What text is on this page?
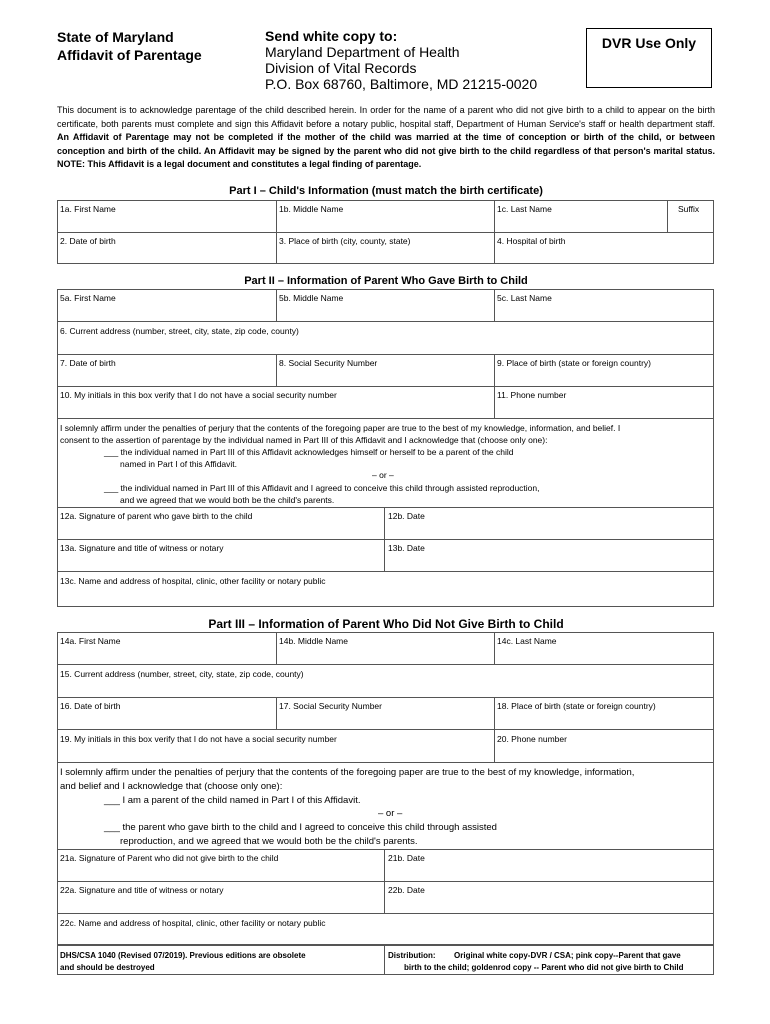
State of Maryland
Affidavit of Parentage
Send white copy to:
Maryland Department of Health
Division of Vital Records
P.O. Box 68760, Baltimore, MD 21215-0020
DVR Use Only
This document is to acknowledge parentage of the child described herein. In order for the name of a parent who did not give birth to a child to appear on the birth certificate, both parents must complete and sign this Affidavit before a notary public, hospital staff, Department of Human Service's staff or health department staff. An Affidavit of Parentage may not be completed if the mother of the child was married at the time of conception or birth of the child, or between conception and birth of the child. An Affidavit may be signed by the parent who did not give birth to the child regardless of that person's marital status. NOTE: This Affidavit is a legal document and constitutes a legal finding of parentage.
Part I – Child's Information (must match the birth certificate)
1a. First Name	1b. Middle Name	1c. Last Name	Suffix
2. Date of birth	3. Place of birth (city, county, state)	4. Hospital of birth
Part II – Information of Parent Who Gave Birth to Child
5a. First Name	5b. Middle Name	5c. Last Name
6. Current address (number, street, city, state, zip code, county)
7. Date of birth	8. Social Security Number	9. Place of birth (state or foreign country)
10. My initials in this box verify that I do not have a social security number	11. Phone number
I solemnly affirm under the penalties of perjury that the contents of the foregoing paper are true to the best of my knowledge, information, and belief. I
consent to the assertion of parentage by the individual named in Part III of this Affidavit and I acknowledge that (choose only one):
___ the individual named in Part III of this Affidavit acknowledges himself or herself to be a parent of the child
named in Part I of this Affidavit.
– or –
___ the individual named in Part III of this Affidavit and I agreed to conceive this child through assisted reproduction,
and we agreed that we would both be the child's parents.
12a. Signature of parent who gave birth to the child	12b. Date
13a. Signature and title of witness or notary	13b. Date
13c. Name and address of hospital, clinic, other facility or notary public
Part III – Information of Parent Who Did Not Give Birth to Child
14a. First Name	14b. Middle Name	14c. Last Name
15. Current address (number, street, city, state, zip code, county)
16. Date of birth	17. Social Security Number	18. Place of birth (state or foreign country)
19. My initials in this box verify that I do not have a social security number	20. Phone number
I solemnly affirm under the penalties of perjury that the contents of the foregoing paper are true to the best of my knowledge, information,
and belief and I acknowledge that (choose only one):
___ I am a parent of the child named in Part I of this Affidavit.
– or –
___ the parent who gave birth to the child and I agreed to conceive this child through assisted
reproduction, and we agreed that we would both be the child's parents.
21a. Signature of Parent who did not give birth to the child	21b. Date
22a. Signature and title of witness or notary	22b. Date
22c. Name and address of hospital, clinic, other facility or notary public
DHS/CSA 1040 (Revised 07/2019). Previous editions are obsolete
and should be destroyed
Distribution: Original white copy-DVR / CSA; pink copy--Parent that gave
birth to the child; goldenrod copy -- Parent who did not give birth to Child
